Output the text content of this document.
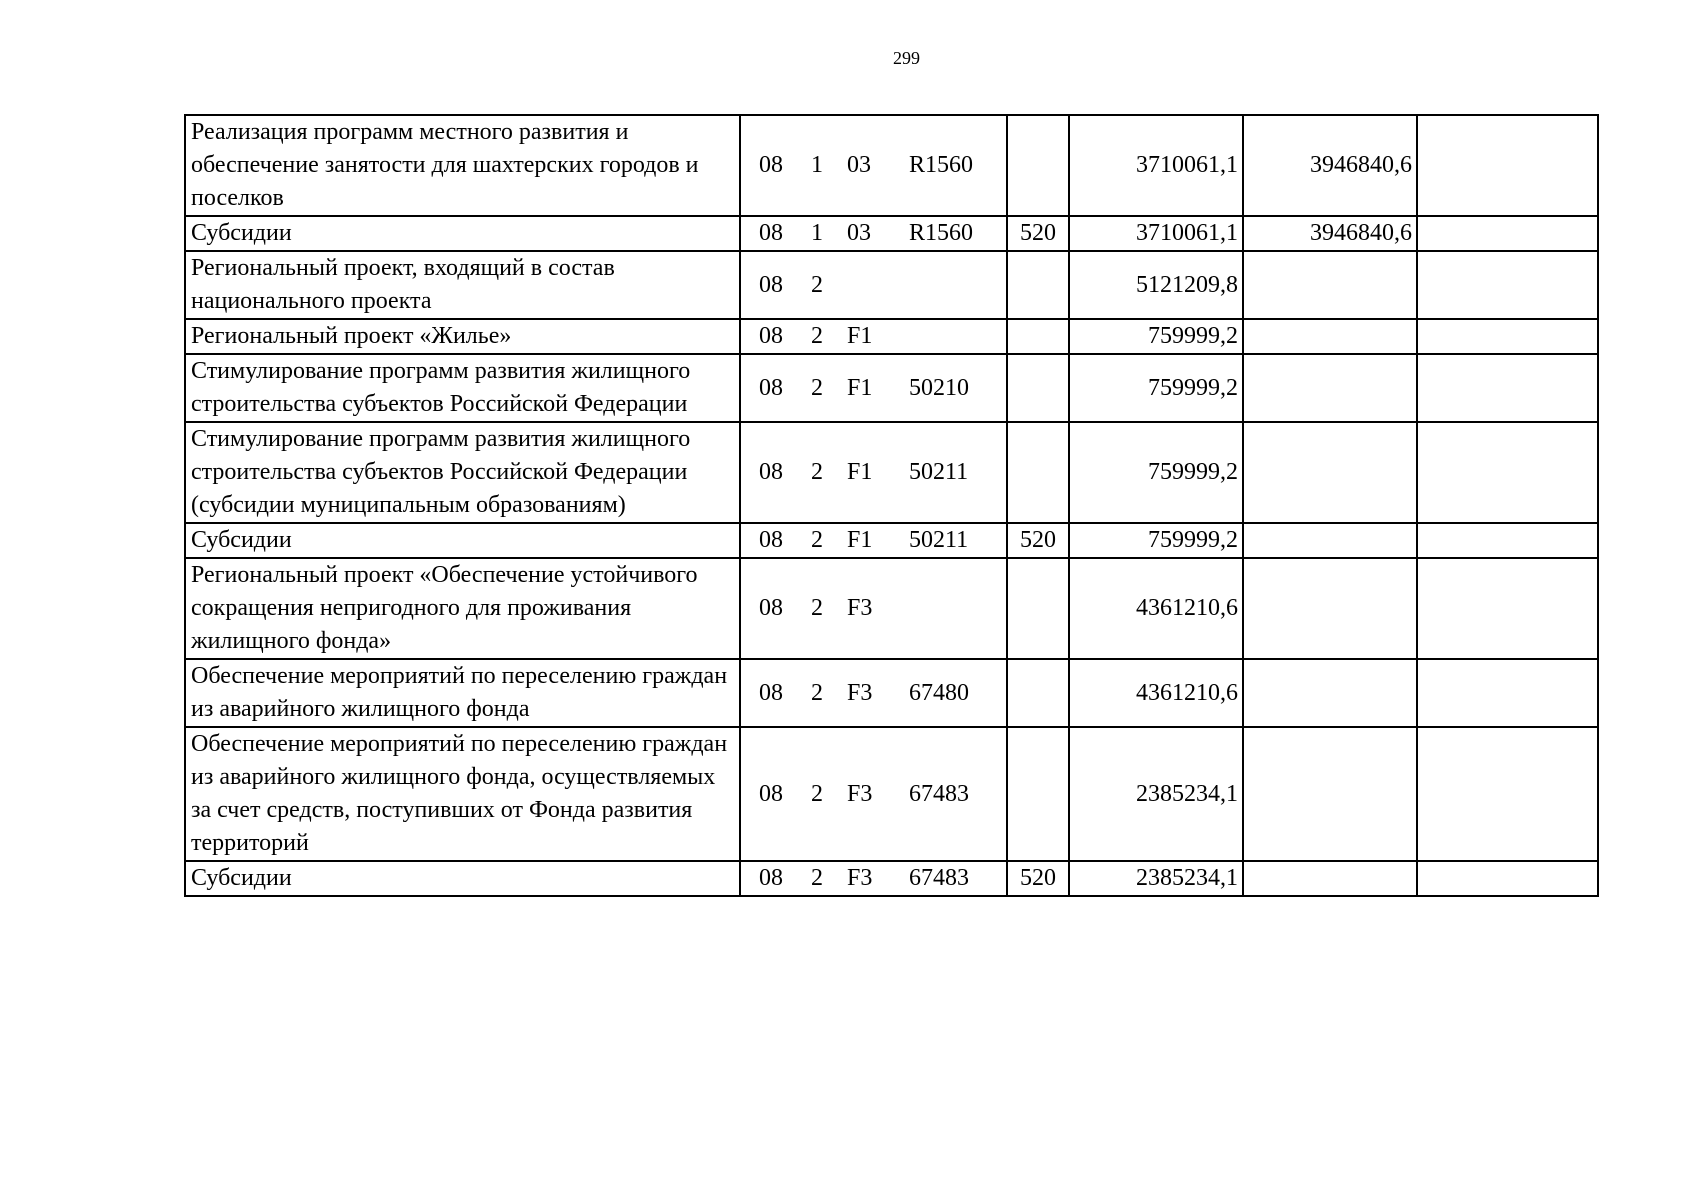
299
Реализация программ местного развития и обеспечение занятости для шахтерских городов и поселков	08 1 03 R1560		3710061,1	3946840,6	
Субсидии	08 1 03 R1560	520	3710061,1	3946840,6	
Региональный проект, входящий в состав национального проекта	08 2		5121209,8		
Региональный проект «Жилье»	08 2 F1		759999,2		
Стимулирование программ развития жилищного строительства субъектов Российской Федерации	08 2 F1 50210		759999,2		
Стимулирование программ развития жилищного строительства субъектов Российской Федерации (субсидии муниципальным образованиям)	08 2 F1 50211		759999,2		
Субсидии	08 2 F1 50211	520	759999,2		
Региональный проект «Обеспечение устойчивого сокращения непригодного для проживания жилищного фонда»	08 2 F3		4361210,6		
Обеспечение мероприятий по переселению граждан из аварийного жилищного фонда	08 2 F3 67480		4361210,6		
Обеспечение мероприятий по переселению граждан из аварийного жилищного фонда, осуществляемых за счет средств, поступивших от Фонда развития территорий	08 2 F3 67483		2385234,1		
Субсидии	08 2 F3 67483	520	2385234,1		
